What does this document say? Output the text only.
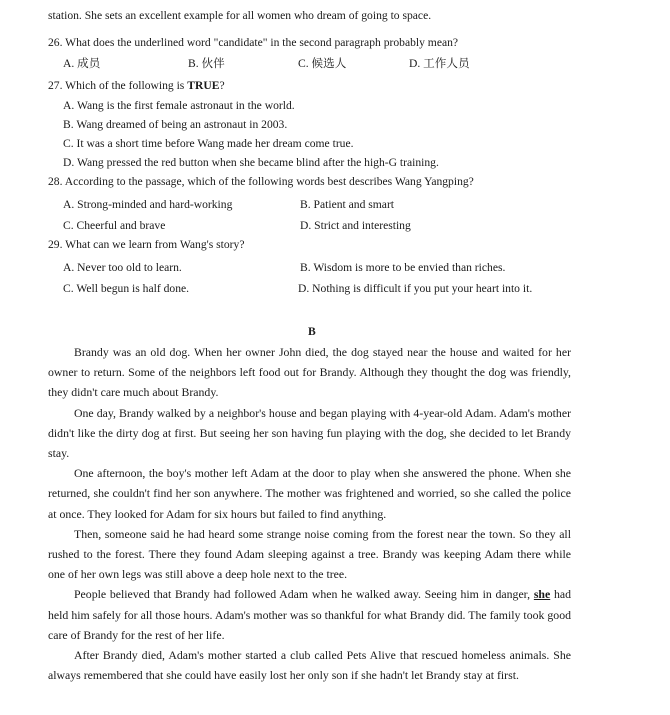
station. She sets an excellent example for all women who dream of going to space.
26. What does the underlined word "candidate" in the second paragraph probably mean?
A. 成员	B. 伙伴	C. 候选人	D. 工作人员
27. Which of the following is TRUE?
A. Wang is the first female astronaut in the world.
B. Wang dreamed of being an astronaut in 2003.
C. It was a short time before Wang made her dream come true.
D. Wang pressed the red button when she became blind after the high-G training.
28. According to the passage, which of the following words best describes Wang Yangping?
A. Strong-minded and hard-working	B. Patient and smart
C. Cheerful and brave	D. Strict and interesting
29. What can we learn from Wang's story?
A. Never too old to learn.	B. Wisdom is more to be envied than riches.
C. Well begun is half done.	D. Nothing is difficult if you put your heart into it.
B

Brandy was an old dog. When her owner John died, the dog stayed near the house and waited for her owner to return. Some of the neighbors left food out for Brandy. Although they thought the dog was friendly, they didn't care much about Brandy.

One day, Brandy walked by a neighbor's house and began playing with 4-year-old Adam. Adam's mother didn't like the dirty dog at first. But seeing her son having fun playing with the dog, she decided to let Brandy stay.

One afternoon, the boy's mother left Adam at the door to play when she answered the phone. When she returned, she couldn't find her son anywhere. The mother was frightened and worried, so she called the police at once. They looked for Adam for six hours but failed to find anything.

Then, someone said he had heard some strange noise coming from the forest near the town. So they all rushed to the forest. There they found Adam sleeping against a tree. Brandy was keeping Adam there while one of her own legs was still above a deep hole next to the tree.

People believed that Brandy had followed Adam when he walked away. Seeing him in danger, she had held him safely for all those hours. Adam's mother was so thankful for what Brandy did. The family took good care of Brandy for the rest of her life.

After Brandy died, Adam's mother started a club called Pets Alive that rescued homeless animals. She always remembered that she could have easily lost her only son if she hadn't let Brandy stay at first.
